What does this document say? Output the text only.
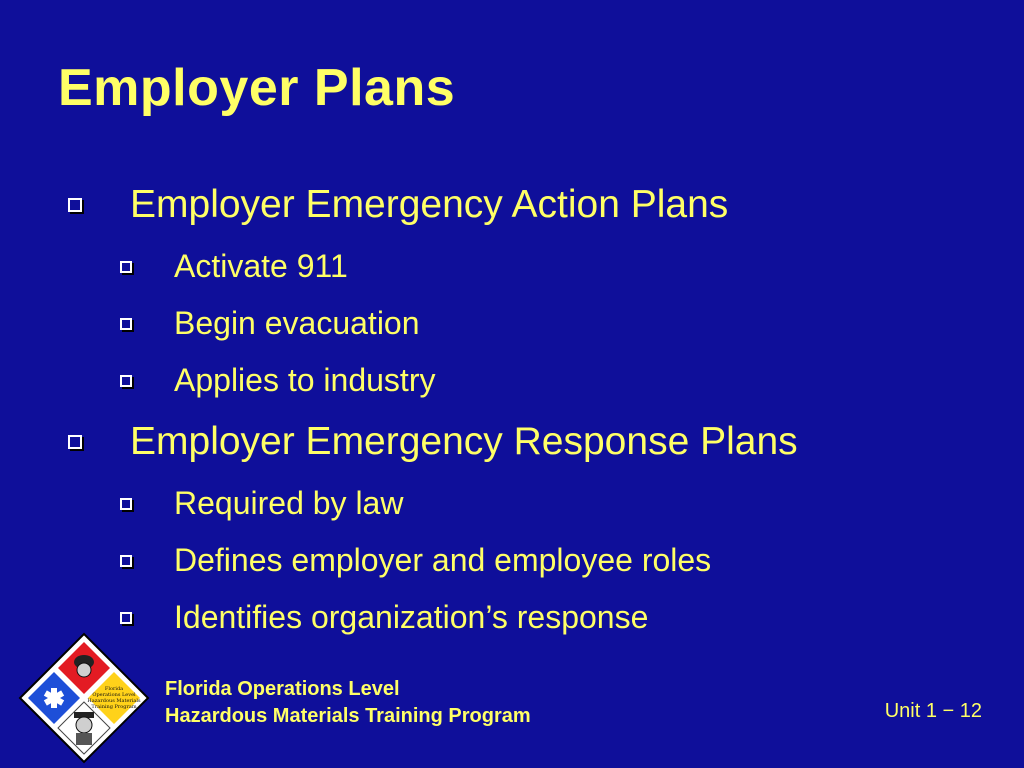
Employer Plans
Employer Emergency Action Plans
Activate 911
Begin evacuation
Applies to industry
Employer Emergency Response Plans
Required by law
Defines employer and employee roles
Identifies organization’s response
Florida
Operations Level
Hazardous Materials
Training Program
Florida Operations Level
Hazardous Materials Training Program	Unit 1 − 12
